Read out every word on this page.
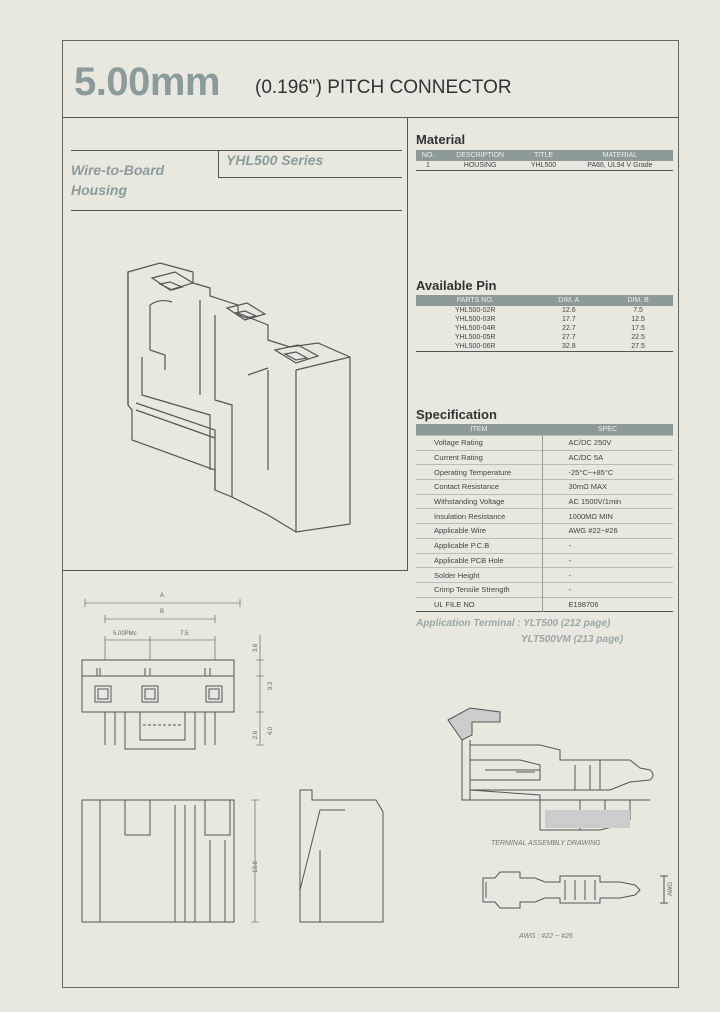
5.00mm (0.196") PITCH CONNECTOR
Wire-to-Board
Housing
YHL500 Series
Material
NO.	DESCRIPTION	TITLE	MATERIAL
1	HOUSING	YHL500	PA66, UL94 V Grade
Available Pin
PARTS NO.	DIM. A	DIM. B
YHL500-02R	12.6	7.5
YHL500-03R	17.7	12.5
YHL500-04R	22.7	17.5
YHL500-05R	27.7	22.5
YHL500-06R	32.8	27.5
Specification
ITEM	SPEC
Voltage Rating	AC/DC 250V
Current Rating	AC/DC 5A
Operating Temperature	-25°C~+85°C
Contact Resistance	30mΩ MAX
Withstanding Voltage	AC 1500V/1min
Insulation Resistance	1000MΩ MIN
Applicable Wire	AWG #22~#26
Applicable P.C.B	-
Applicable PCB Hole	-
Solder Height	-
Crimp Tensile Strength	-
UL FILE NO	E198706
Application Terminal : YLT500 (212 page)
YLT500VM (213 page)
TERMINAL ASSEMBLY DRAWING
AWG : #22 ~ #26
AWG
A
B
5.00PMc	7.5
3.6
9.3
2.6 4.0
13.8
